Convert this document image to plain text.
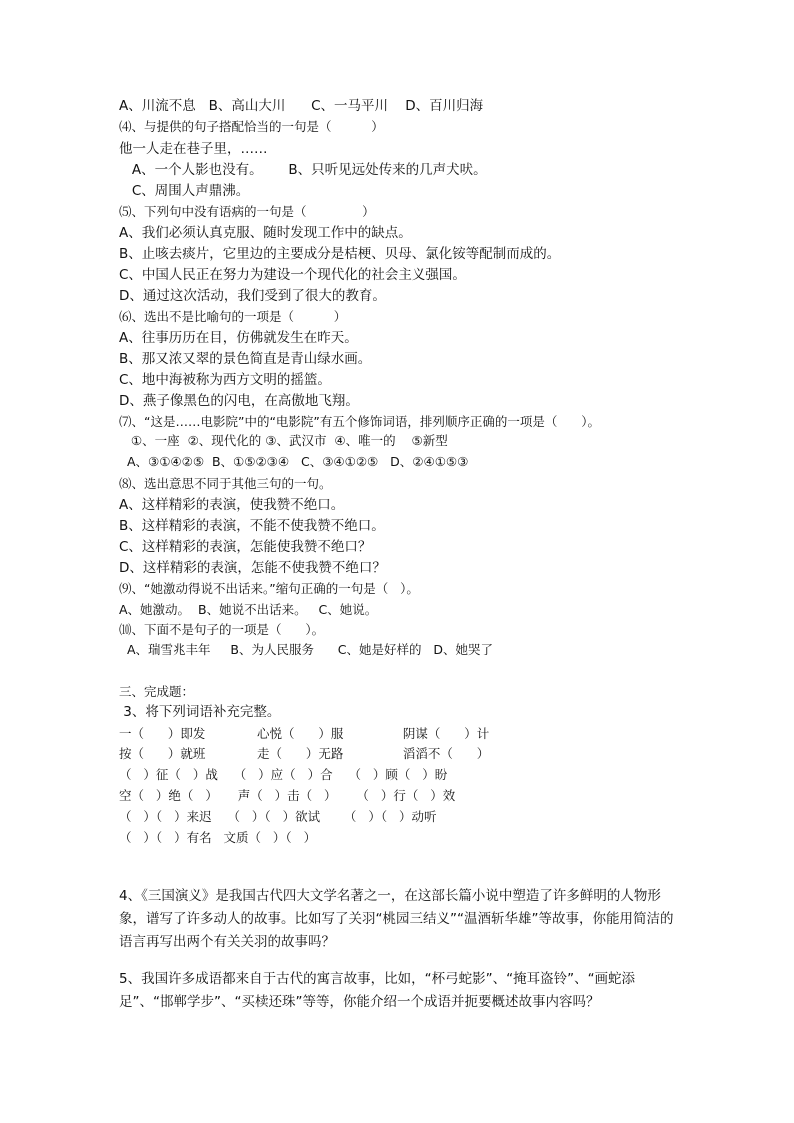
A、川流不息   B、高山大川      C、一马平川    D、百川归海
⑷、与提供的句子搭配恰当的一句是（          ）
他一人走在巷子里，……
A、一个人影也没有。      B、只听见远处传来的几声犬吠。
C、周围人声鼎沸。
⑸、下列句中没有语病的一句是（              ）
A、我们必须认真克服、随时发现工作中的缺点。
B、止咳去痰片，它里边的主要成分是桔梗、贝母、氯化铵等配制而成的。
C、中国人民正在努力为建设一个现代化的社会主义强国。
D、通过这次活动，我们受到了很大的教育。
⑹、选出不是比喻句的一项是（          ）
A、往事历历在目，仿佛就发生在昨天。
B、那又浓又翠的景色简直是青山绿水画。
C、地中海被称为西方文明的摇篮。
D、燕子像黑色的闪电，在高傲地飞翔。
⑺、“这是……电影院”中的“电影院”有五个修饰词语，排列顺序正确的一项是（      ）。
①、一座  ②、现代化的 ③、武汉市  ④、唯一的    ⑤新型
A、③①④②⑤  B、①⑤②③④   C、③④①②⑤   D、②④①⑤③
⑻、选出意思不同于其他三句的一句。
A、这样精彩的表演，使我赞不绝口。
B、这样精彩的表演，不能不使我赞不绝口。
C、这样精彩的表演，怎能使我赞不绝口？
D、这样精彩的表演，怎能不使我赞不绝口？
⑼、“她激动得说不出话来。”缩句正确的一句是（   ）。
A、她激动。  B、她说不出话来。   C、她说。
⑽、下面不是句子的一项是（      ）。
A、瑞雪兆丰年     B、为人民服务      C、她是好样的   D、她哭了
三、完成题：
3、将下列词语补充完整。
一（      ）即发             心悦（      ）服               阴谋（      ）计
按（      ）就班             走（      ）无路               滔滔不（      ）
（   ）征（   ）战    （   ）应（   ）合    （   ）顾（   ）盼
空（   ）绝（   ）     声（   ）击（   ）     （   ）行（   ）效
（   ）（   ）来迟    （   ）（   ）欲试      （   ）（   ）动听
（   ）（   ）有名   文质（   ）（   ）
4、《三国演义》是我国古代四大文学名著之一，在这部长篇小说中塑造了许多鲜明的人物形象，谱写了许多动人的故事。比如写了关羽“桃园三结义”“温酒斩华雄”等故事，你能用简洁的语言再写出两个有关关羽的故事吗？
5、我国许多成语都来自于古代的寓言故事，比如，“杯弓蛇影”、“掩耳盗铃”、“画蛇添足”、“邯郸学步”、“买椟还珠”等等，你能介绍一个成语并扼要概述故事内容吗？
